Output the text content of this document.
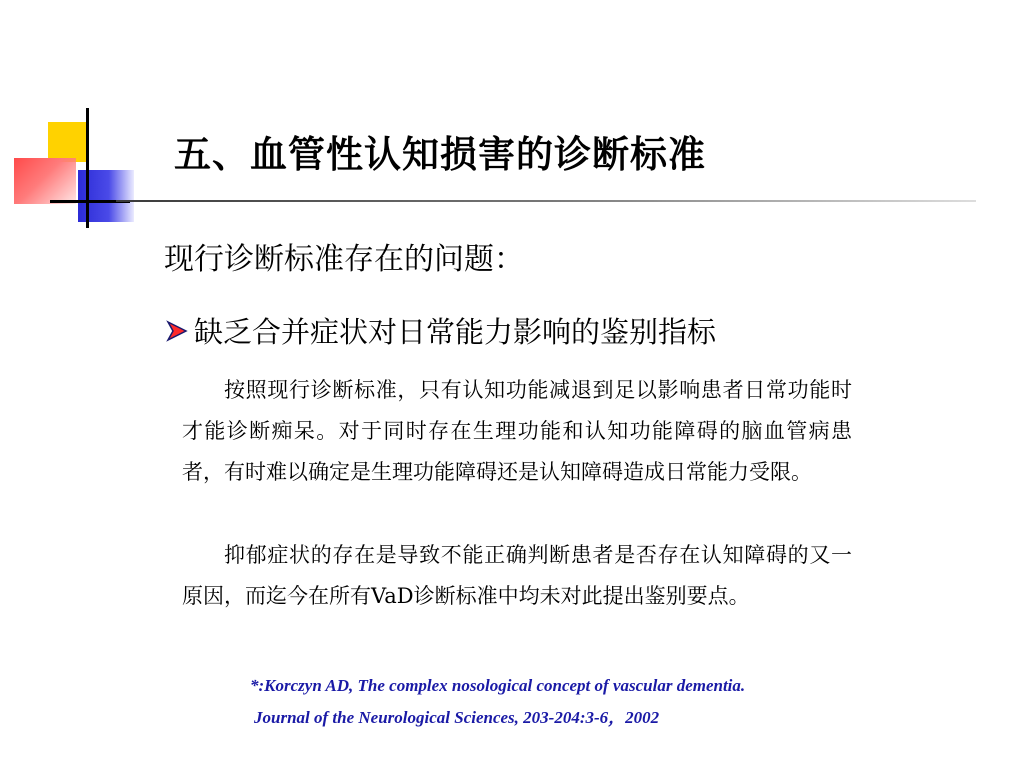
五、血管性认知损害的诊断标准
现行诊断标准存在的问题：
缺乏合并症状对日常能力影响的鉴别指标
按照现行诊断标准，只有认知功能减退到足以影响患者日常功能时才能诊断痴呆。对于同时存在生理功能和认知功能障碍的脑血管病患者，有时难以确定是生理功能障碍还是认知障碍造成日常能力受限。
抑郁症状的存在是导致不能正确判断患者是否存在认知障碍的又一原因，而迄今在所有VaD诊断标准中均未对此提出鉴别要点。
*:Korczyn AD, The complex nosological concept of vascular dementia.
Journal of the Neurological Sciences, 203-204:3-6，2002
